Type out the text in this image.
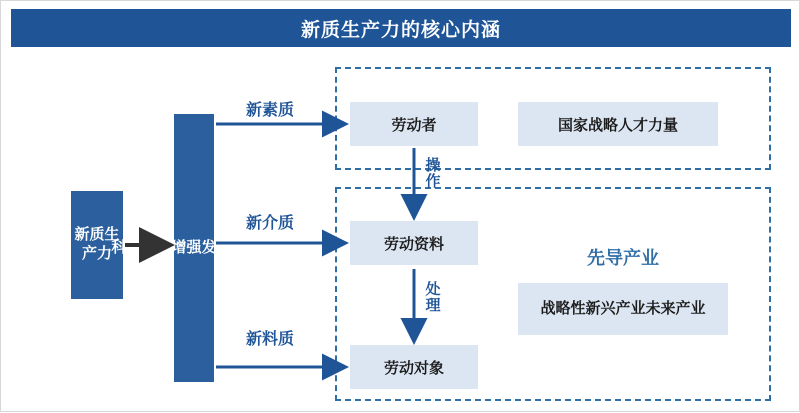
新质生产力的核心内涵
新质生产力 科 技 创 新 增 强 发 展 新 动 能
新素质
新介质
新料质
劳动者	国家战略人才力量
劳动资料
劳动对象
先导产业
战略性新兴产业 未来产业
操
作
处
理
